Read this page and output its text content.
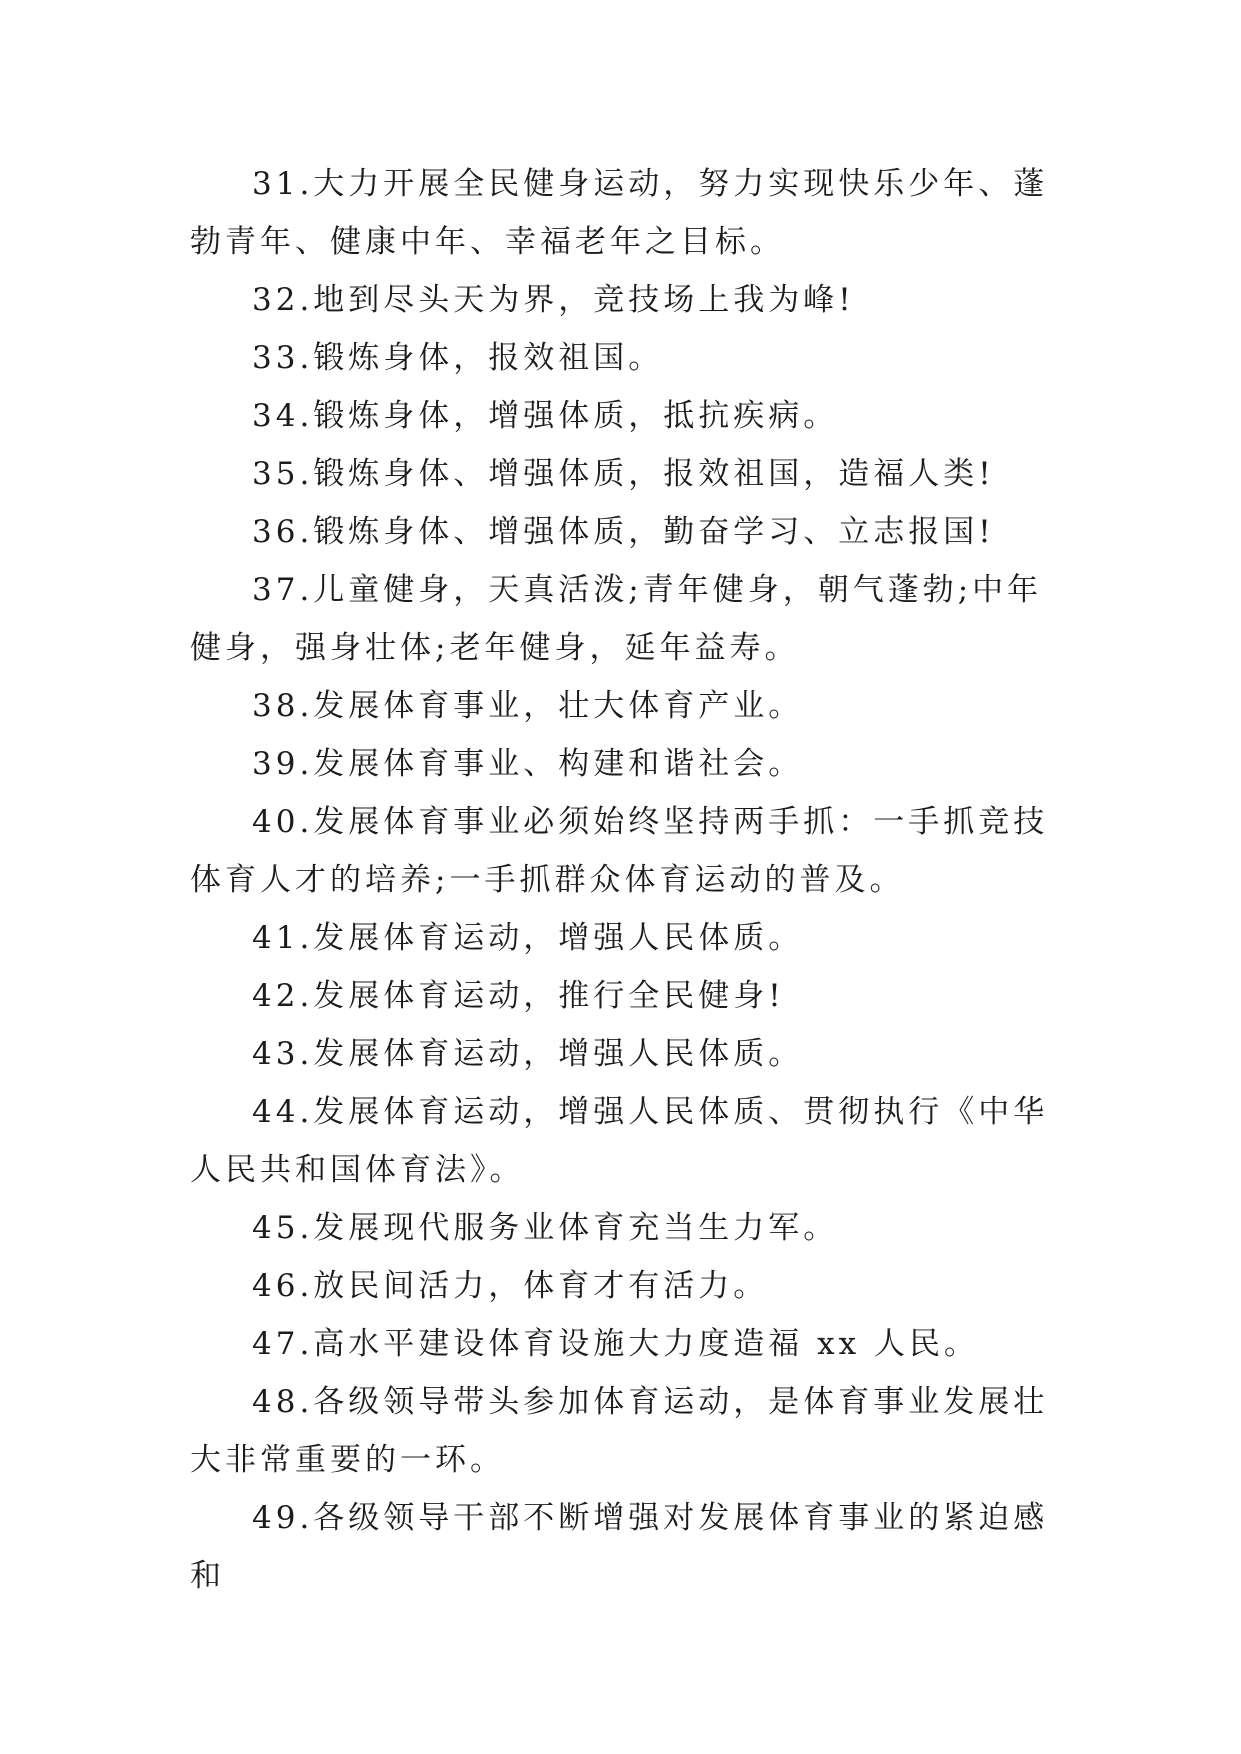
31.大力开展全民健身运动，努力实现快乐少年、蓬勃青年、健康中年、幸福老年之目标。

32.地到尽头天为界，竞技场上我为峰!

33.锻炼身体，报效祖国。

34.锻炼身体，增强体质，抵抗疾病。

35.锻炼身体、增强体质，报效祖国，造福人类!

36.锻炼身体、增强体质，勤奋学习、立志报国!

37.儿童健身，天真活泼;青年健身，朝气蓬勃;中年健身，强身壮体;老年健身，延年益寿。

38.发展体育事业，壮大体育产业。

39.发展体育事业、构建和谐社会。

40.发展体育事业必须始终坚持两手抓：一手抓竞技体育人才的培养;一手抓群众体育运动的普及。

41.发展体育运动，增强人民体质。

42.发展体育运动，推行全民健身!

43.发展体育运动，增强人民体质。

44.发展体育运动，增强人民体质、贯彻执行《中华人民共和国体育法》。

45.发展现代服务业体育充当生力军。

46.放民间活力，体育才有活力。

47.高水平建设体育设施大力度造福 xx 人民。

48.各级领导带头参加体育运动，是体育事业发展壮大非常重要的一环。

49.各级领导干部不断增强对发展体育事业的紧迫感和
